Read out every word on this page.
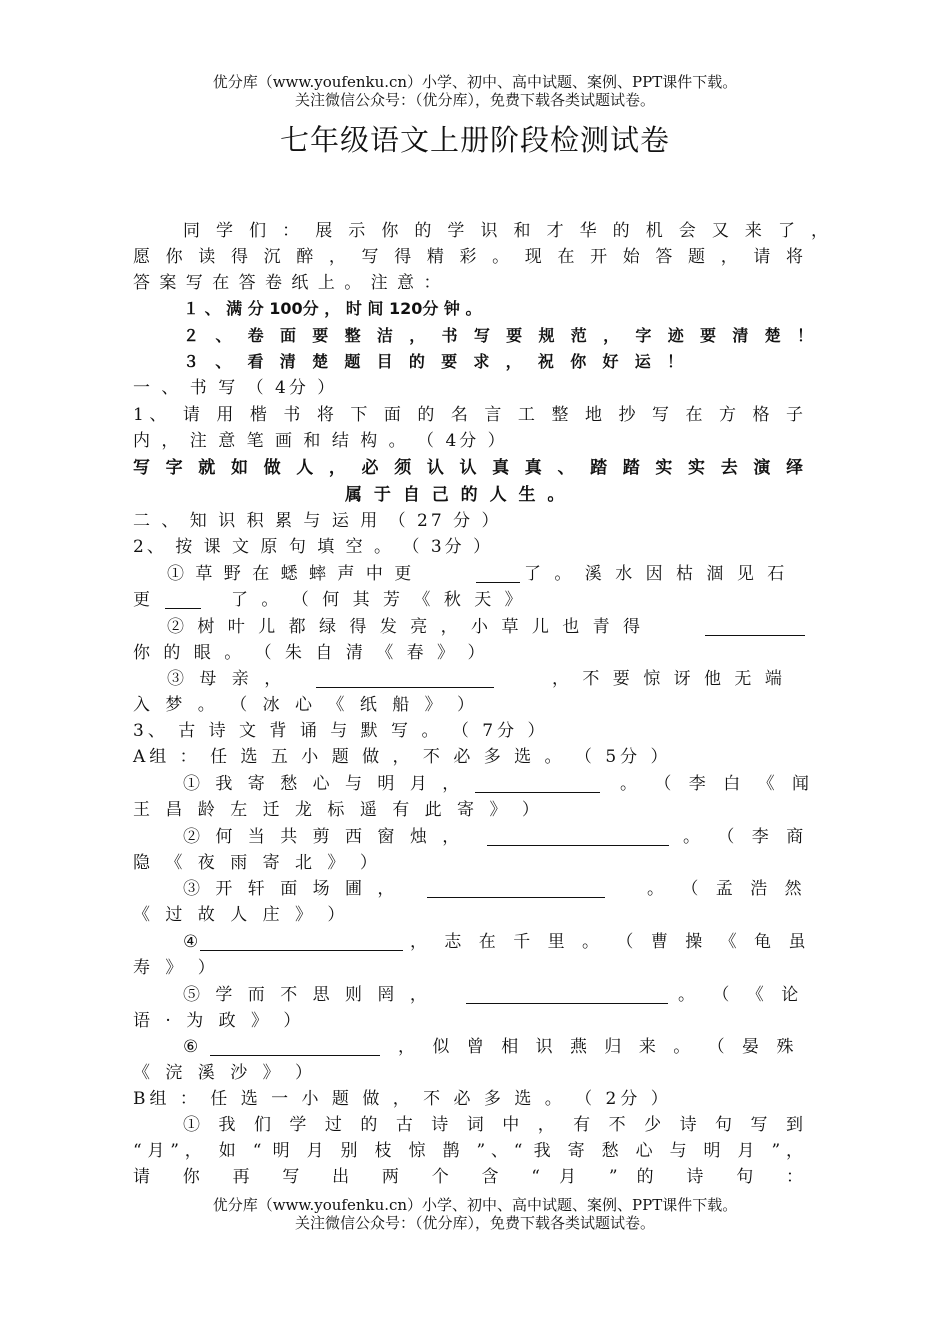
优分库（www.youfenku.cn）小学、初中、高中试题、案例、PPT课件下载。
关注微信公众号：（优分库），免费下载各类试题试卷。
七年级语文上册阶段检测试卷
同 学 们 ： 展 示 你 的 学 识 和 才 华 的 机 会 又 来 了 ，
愿 你 读 得 沉 醉 ， 写 得 精 彩 。 现 在 开 始 答 题 ， 请 将
答 案 写 在 答 卷 纸 上 。 注 意 ：
１ 、 满 分 100分 ， 时 间 120分 钟 。
２ 、 卷 面 要 整 洁 ， 书 写 要 规 范 ， 字 迹 要 清 楚 ！
３ 、 看 清 楚 题 目 的 要 求 ， 祝 你 好 运 ！
一 、 书 写 （ 4分 ）
1、 请 用 楷 书 将 下 面 的 名 言 工 整 地 抄 写 在 方 格 子
内 ， 注 意 笔 画 和 结 构 。 （ 4分 ）
写 字 就 如 做 人 ， 必 须 认 认 真 真 、 踏 踏 实 实 去 演 绎
属 于 自 己 的 人 生 。
二 、 知 识 积 累 与 运 用 （ 27 分 ）
2、 按 课 文 原 句 填 空 。 （ 3分 ）
① 草 野 在 蟋 蟀 声 中 更	了 。 溪 水 因 枯 涸 见 石
更	了 。 （ 何 其 芳 《 秋 天 》
② 树 叶 儿 都 绿 得 发 亮 ， 小 草 儿 也 青 得
你 的 眼 。 （ 朱 自 清 《 春 》 ）
③ 母 亲 ，	， 不 要 惊 讶 他 无 端
入 梦 。 （ 冰 心 《 纸 船 》 ）
3、 古 诗 文 背 诵 与 默 写 。 （ 7分 ）
A组 ： 任 选 五 小 题 做 ， 不 必 多 选 。 （ 5分 ）
① 我 寄 愁 心 与 明 月 ，	。 （ 李 白 《 闻
王 昌 龄 左 迁 龙 标 遥 有 此 寄 》 ）
② 何 当 共 剪 西 窗 烛 ，	。 （ 李 商
隐 《 夜 雨 寄 北 》 ）
③ 开 轩 面 场 圃 ，	。 （ 孟 浩 然
《 过 故 人 庄 》 ）
④	， 志 在 千 里 。 （ 曹 操 《 龟 虽
寿 》 ）
⑤ 学 而 不 思 则 罔 ，	。 （ 《 论
语 · 为 政 》 ）
⑥	， 似 曾 相 识 燕 归 来 。 （ 晏 殊
《 浣 溪 沙 》 ）
B组 ： 任 选 一 小 题 做 ， 不 必 多 选 。 （ 2分 ）
① 我 们 学 过 的 古 诗 词 中 ， 有 不 少 诗 句 写 到
“月”， 如 “ 明 月 别 枝 惊 鹊 ”、“ 我 寄 愁 心 与 明 月 ”，
请 你 再 写 出 两 个 含 “ 月 ” 的 诗 句 ：
优分库（www.youfenku.cn）小学、初中、高中试题、案例、PPT课件下载。
关注微信公众号：（优分库），免费下载各类试题试卷。
